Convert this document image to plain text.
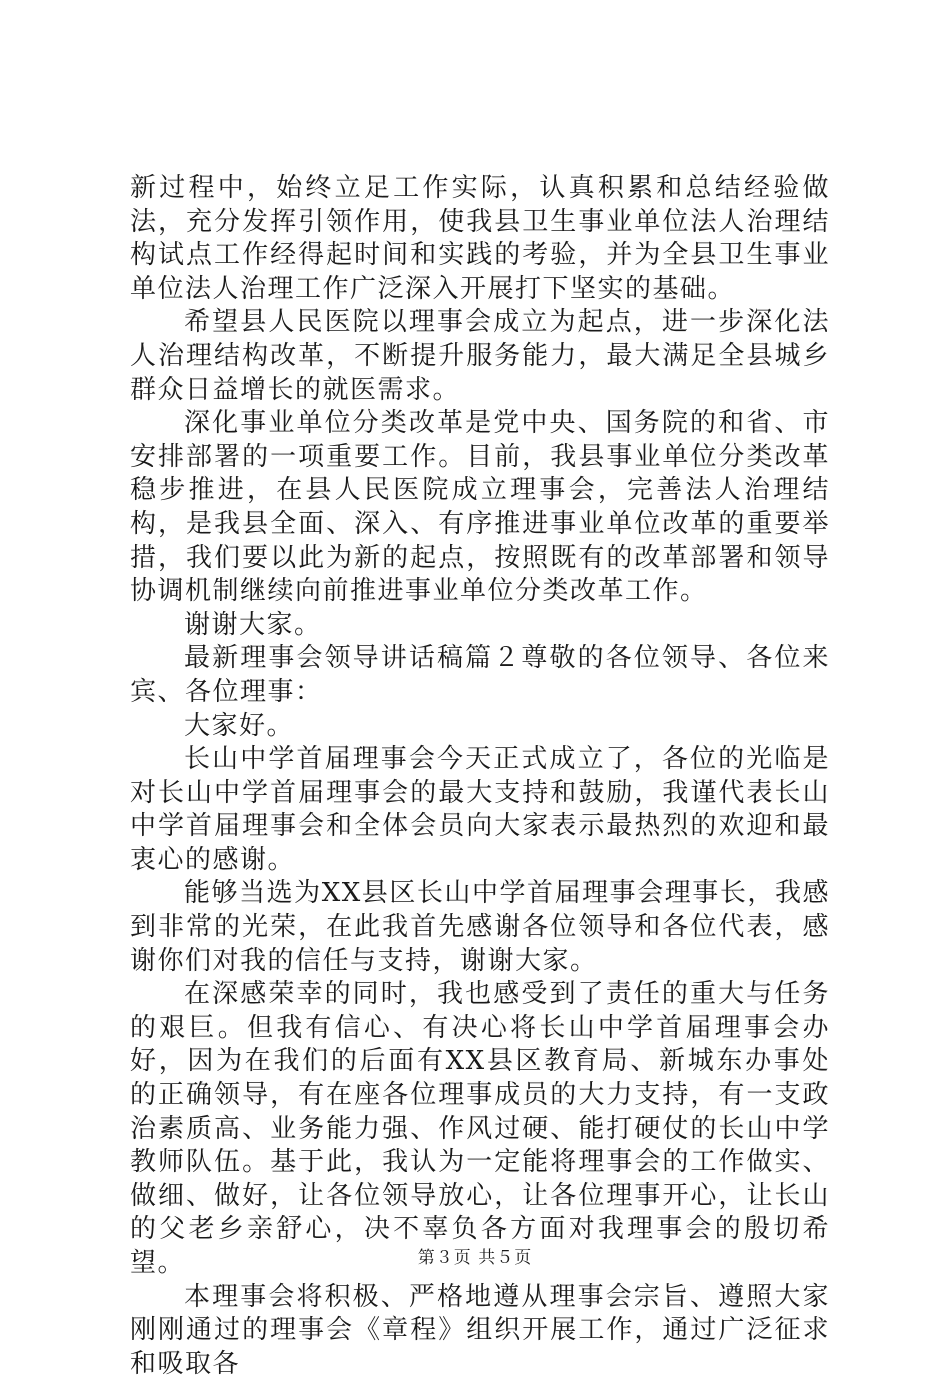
新过程中，始终立足工作实际，认真积累和总结经验做法，充分发挥引领作用，使我县卫生事业单位法人治理结构试点工作经得起时间和实践的考验，并为全县卫生事业单位法人治理工作广泛深入开展打下坚实的基础。

希望县人民医院以理事会成立为起点，进一步深化法人治理结构改革，不断提升服务能力，最大满足全县城乡群众日益增长的就医需求。

深化事业单位分类改革是党中央、国务院的和省、市安排部署的一项重要工作。目前，我县事业单位分类改革稳步推进，在县人民医院成立理事会，完善法人治理结构，是我县全面、深入、有序推进事业单位改革的重要举措，我们要以此为新的起点，按照既有的改革部署和领导协调机制继续向前推进事业单位分类改革工作。

谢谢大家。

最新理事会领导讲话稿篇２尊敬的各位领导、各位来宾、各位理事：

大家好。

长山中学首届理事会今天正式成立了，各位的光临是对长山中学首届理事会的最大支持和鼓励，我谨代表长山中学首届理事会和全体会员向大家表示最热烈的欢迎和最衷心的感谢。

能够当选为XX县区长山中学首届理事会理事长，我感到非常的光荣，在此我首先感谢各位领导和各位代表，感谢你们对我的信任与支持，谢谢大家。

在深感荣幸的同时，我也感受到了责任的重大与任务的艰巨。但我有信心、有决心将长山中学首届理事会办好，因为在我们的后面有XX县区教育局、新城东办事处的正确领导，有在座各位理事成员的大力支持，有一支政治素质高、业务能力强、作风过硬、能打硬仗的长山中学教师队伍。基于此，我认为一定能将理事会的工作做实、做细、做好，让各位领导放心，让各位理事开心，让长山的父老乡亲舒心，决不辜负各方面对我理事会的殷切希望。

本理事会将积极、严格地遵从理事会宗旨、遵照大家刚刚通过的理事会《章程》组织开展工作，通过广泛征求和吸取各

第３页 共５页
